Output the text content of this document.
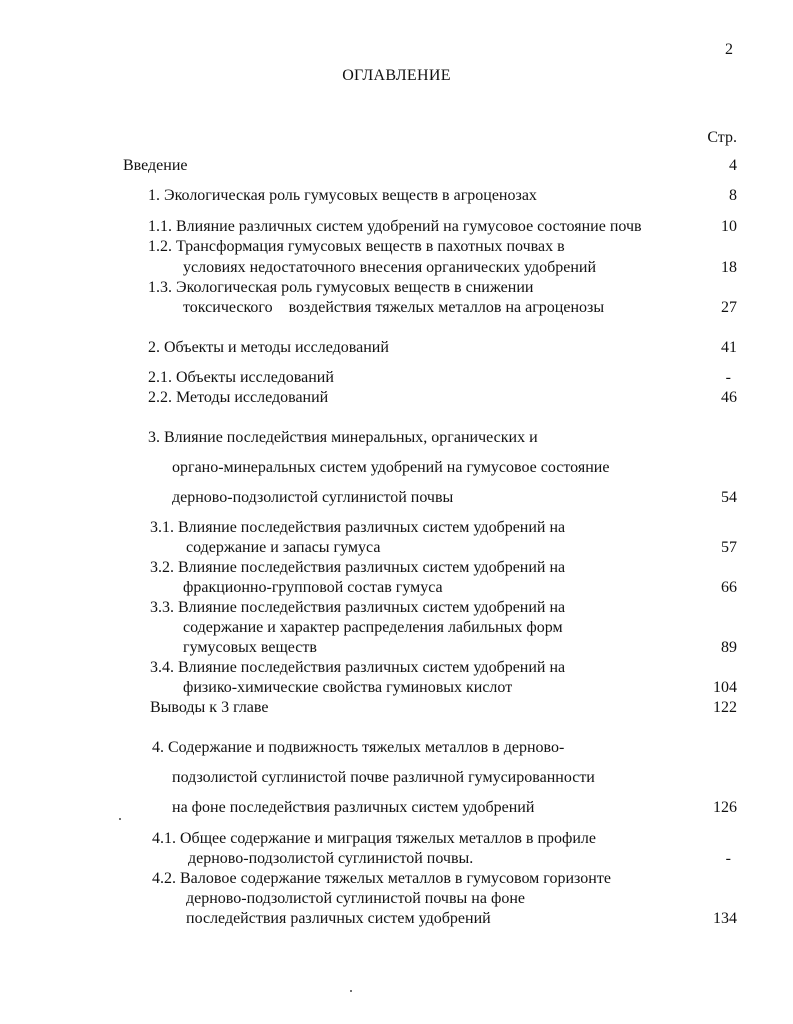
2
ОГЛАВЛЕНИЕ
Стр.
Введение	4
1. Экологическая роль гумусовых веществ в агроценозах	8
1.1. Влияние различных систем удобрений на гумусовое состояние почв	10
1.2. Трансформация гумусовых веществ в пахотных почвах в
условиях недостаточного внесения органических удобрений	18
1.3. Экологическая роль гумусовых веществ в снижении
токсического    воздействия тяжелых металлов на агроценозы	27
2. Объекты и методы исследований	41
2.1. Объекты исследований	-
2.2. Методы исследований	46
3. Влияние последействия минеральных, органических и
органо-минеральных систем удобрений на гумусовое состояние
дерново-подзолистой суглинистой почвы	54
3.1. Влияние последействия различных систем удобрений на
содержание и запасы гумуса	57
3.2. Влияние последействия различных систем удобрений на
фракционно-групповой состав гумуса	66
3.3. Влияние последействия различных систем удобрений на
содержание и характер распределения лабильных форм
гумусовых веществ	89
3.4. Влияние последействия различных систем удобрений на
физико-химические свойства гуминовых кислот	104
Выводы к 3 главе	122
4. Содержание и подвижность тяжелых металлов в дерново-
подзолистой суглинистой почве различной гумусированности
на фоне последействия различных систем удобрений	126
4.1. Общее содержание и миграция тяжелых металлов в профиле
дерново-подзолистой суглинистой почвы.	-
4.2. Валовое содержание тяжелых металлов в гумусовом горизонте
дерново-подзолистой суглинистой почвы на фоне
последействия различных систем удобрений	134
